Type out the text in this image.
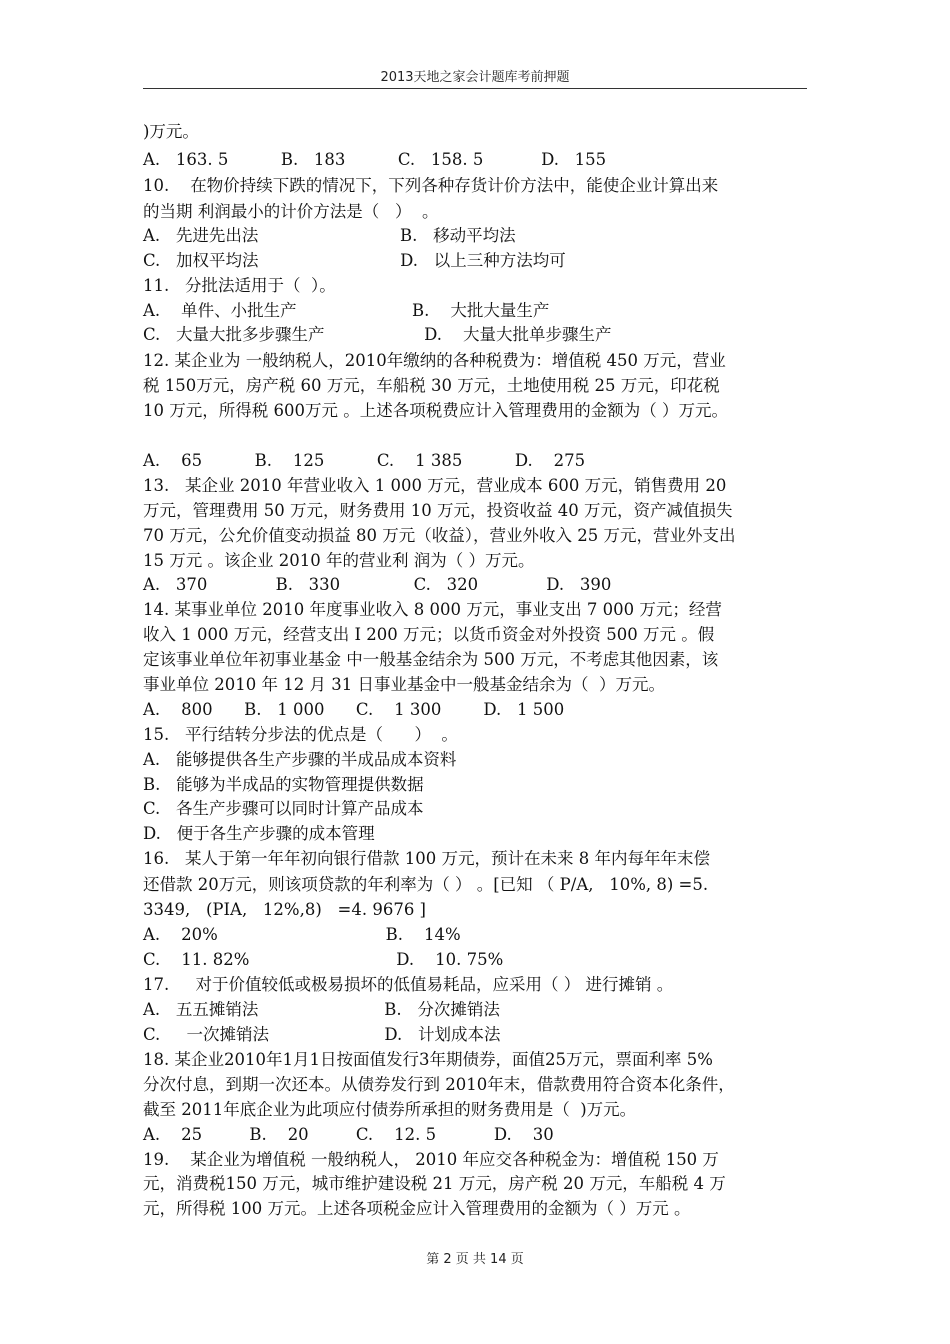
2013天地之家会计题库考前押题
)万元。
A.   163. 5          B.   183          C.   158. 5           D.   155
10.    在物价持续下跌的情况下，下列各种存货计价方法中，能使企业计算出来
的当期 利润最小的计价方法是（   ）  。
A.   先进先出法                           B.   移动平均法
C.   加权平均法                           D.   以上三种方法均可
11.   分批法适用于（  ）。
A.    单件、小批生产                      B.    大批大量生产
C.   大量大批多步骤生产                   D.    大量大批单步骤生产
12. 某企业为 一般纳税人，2010年缴纳的各种税费为：增值税 450 万元，营业
税 150万元，房产税 60 万元，车船税 30 万元，土地使用税 25 万元，印花税
10 万元，所得税 600万元 。上述各项税费应计入管理费用的金额为（ ）万元。
A.    65          B.    125          C.    1 385          D.    275
13.   某企业 2010 年营业收入 1 000 万元，营业成本 600 万元，销售费用 20
万元，管理费用 50 万元，财务费用 10 万元，投资收益 40 万元，资产减值损失
70 万元，公允价值变动损益 80 万元（收益），营业外收入 25 万元，营业外支出
15 万元 。该企业 2010 年的营业利 润为（ ）万元。
A.   370             B.   330              C.   320             D.   390
14. 某事业单位 2010 年度事业收入 8 000 万元，事业支出 7 000 万元；经营
收入 1 000 万元，经营支出 I 200 万元；以货币资金对外投资 500 万元 。假
定该事业单位年初事业基金 中一般基金结余为 500 万元，不考虑其他因素，该
事业单位 2010 年 12 月 31 日事业基金中一般基金结余为（  ）万元。
A.    800      B.   1 000      C.    1 300        D.   1 500
15.   平行结转分步法的优点是（      ）  。
A.   能够提供各生产步骤的半成品成本资料
B.   能够为半成品的实物管理提供数据
C.   各生产步骤可以同时计算产品成本
D.   便于各生产步骤的成本管理
16.   某人于第一年年初向银行借款 100 万元，预计在未来 8 年内每年年末偿
还借款 20万元，则该项贷款的年利率为（ ） 。[已知 （ P/A,   10%, 8) =5.
3349,   (PIA,   12%,8)   =4. 9676 ]
A.    20%                                B.    14%
C.    11. 82%                            D.    10. 75%
17.     对于价值较低或极易损坏的低值易耗品，应采用（ ） 进行摊销 。
A.   五五摊销法                        B.   分次摊销法
C.     一次摊销法                      D.   计划成本法
18. 某企业2010年1月1日按面值发行3年期债券，面值25万元，票面利率 5%
分次付息，到期一次还本。从债券发行到 2010年末，借款费用符合资本化条件，
截至 2011年底企业为此项应付债券所承担的财务费用是（  )万元。
A.    25         B.    20         C.    12. 5           D.    30
19.    某企业为增值税 一般纳税人， 2010 年应交各种税金为：增值税 150 万
元，消费税150 万元，城市维护建设税 21 万元，房产税 20 万元，车船税 4 万
元，所得税 100 万元。上述各项税金应计入管理费用的金额为（ ）万元 。
第 2 页 共 14 页
